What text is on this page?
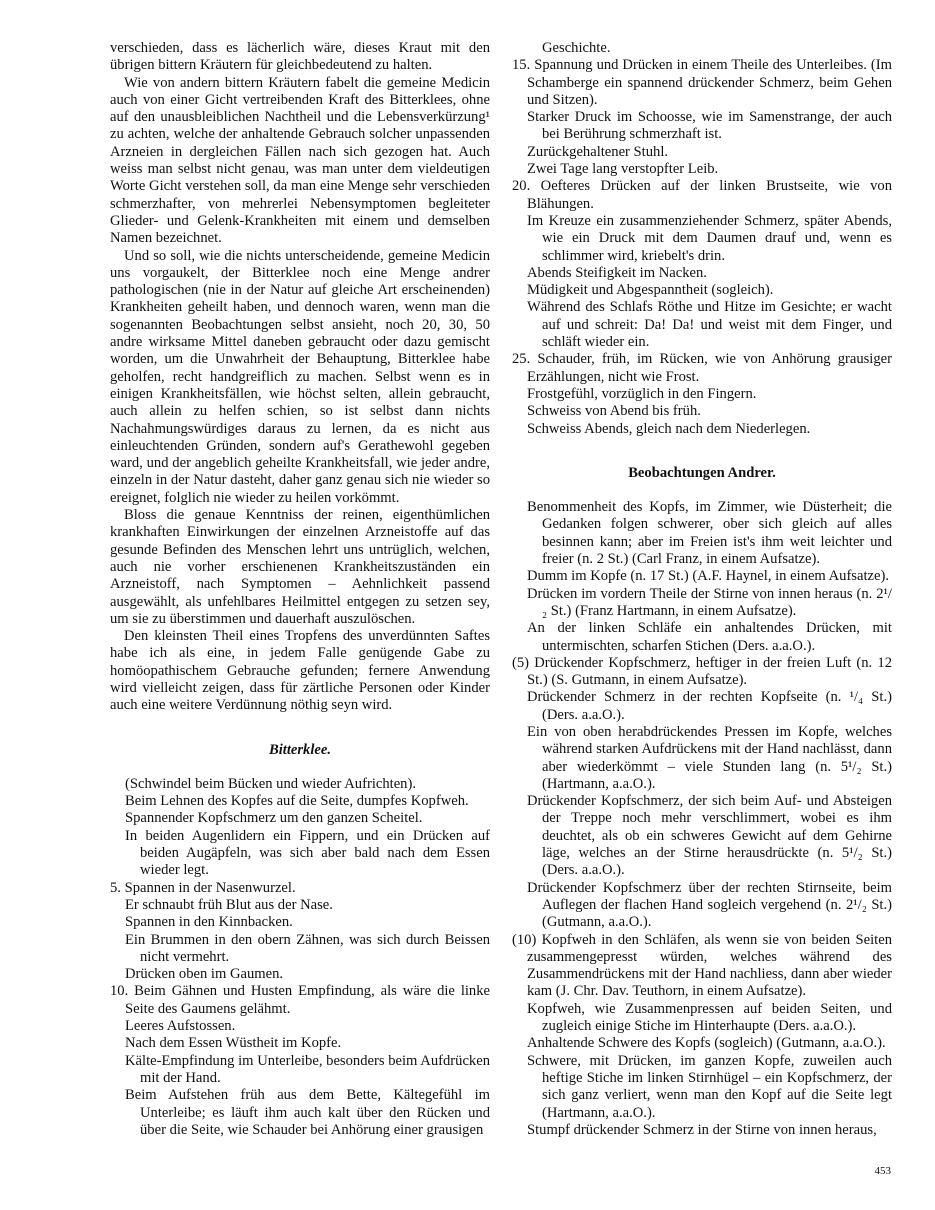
verschieden, dass es lächerlich wäre, dieses Kraut mit den übrigen bittern Kräutern für gleichbedeutend zu halten.

Wie von andern bittern Kräutern fabelt die gemeine Medicin auch von einer Gicht vertreibenden Kraft des Bitterklees, ohne auf den unausbleiblichen Nachtheil und die Lebensverkürzung¹ zu achten, welche der anhaltende Gebrauch solcher unpassenden Arzneien in dergleichen Fällen nach sich gezogen hat. Auch weiss man selbst nicht genau, was man unter dem vieldeutigen Worte Gicht verstehen soll, da man eine Menge sehr verschieden schmerzhafter, von mehrerlei Nebensymptomen begleiteter Glieder- und Gelenk-Krankheiten mit einem und demselben Namen bezeichnet.

Und so soll, wie die nichts unterscheidende, gemeine Medicin uns vorgaukelt, der Bitterklee noch eine Menge andrer pathologischen (nie in der Natur auf gleiche Art erscheinenden) Krankheiten geheilt haben, und dennoch waren, wenn man die sogenannten Beobachtungen selbst ansieht, noch 20, 30, 50 andre wirksame Mittel daneben gebraucht oder dazu gemischt worden, um die Unwahrheit der Behauptung, Bitterklee habe geholfen, recht handgreiflich zu machen. Selbst wenn es in einigen Krankheitsfällen, wie höchst selten, allein gebraucht, auch allein zu helfen schien, so ist selbst dann nichts Nachahmungswürdiges daraus zu lernen, da es nicht aus einleuchtenden Gründen, sondern auf's Gerathewohl gegeben ward, und der angeblich geheilte Krankheitsfall, wie jeder andre, einzeln in der Natur dasteht, daher ganz genau sich nie wieder so ereignet, folglich nie wieder zu heilen vorkömmt.

Bloss die genaue Kenntniss der reinen, eigenthümlichen krankhaften Einwirkungen der einzelnen Arzneistoffe auf das gesunde Befinden des Menschen lehrt uns untrüglich, welchen, auch nie vorher erschienenen Krankheitszuständen ein Arzneistoff, nach Symptomen – Aehnlichkeit passend ausgewählt, als unfehlbares Heilmittel entgegen zu setzen sey, um sie zu überstimmen und dauerhaft auszulöschen.

Den kleinsten Theil eines Tropfens des unverdünnten Saftes habe ich als eine, in jedem Falle genügende Gabe zu homöopathischem Gebrauche gefunden; fernere Anwendung wird vielleicht zeigen, dass für zärtliche Personen oder Kinder auch eine weitere Verdünnung nöthig seyn wird.

Bitterklee.

(Schwindel beim Bücken und wieder Aufrichten).

Beim Lehnen des Kopfes auf die Seite, dumpfes Kopfweh.

Spannender Kopfschmerz um den ganzen Scheitel.

In beiden Augenlidern ein Fippern, und ein Drücken auf beiden Augäpfeln, was sich aber bald nach dem Essen wieder legt.

5. Spannen in der Nasenwurzel.

Er schnaubt früh Blut aus der Nase.

Spannen in den Kinnbacken.

Ein Brummen in den obern Zähnen, was sich durch Beissen nicht vermehrt.

Drücken oben im Gaumen.

10. Beim Gähnen und Husten Empfindung, als wäre die linke Seite des Gaumens gelähmt.

Leeres Aufstossen.

Nach dem Essen Wüstheit im Kopfe.

Kälte-Empfindung im Unterleibe, besonders beim Aufdrücken mit der Hand.

Beim Aufstehen früh aus dem Bette, Kältegefühl im Unterleibe; es läuft ihm auch kalt über den Rücken und über die Seite, wie Schauder bei Anhörung einer grausigen

Geschichte.

15. Spannung und Drücken in einem Theile des Unterleibes. (Im Schamberge ein spannend drückender Schmerz, beim Gehen und Sitzen).

Starker Druck im Schoosse, wie im Samenstrange, der auch bei Berührung schmerzhaft ist.

Zurückgehaltener Stuhl.

Zwei Tage lang verstopfter Leib.

20. Oefteres Drücken auf der linken Brustseite, wie von Blähungen.

Im Kreuze ein zusammenziehender Schmerz, später Abends, wie ein Druck mit dem Daumen drauf und, wenn es schlimmer wird, kriebelt's drin.

Abends Steifigkeit im Nacken.

Müdigkeit und Abgespanntheit (sogleich).

Während des Schlafs Röthe und Hitze im Gesichte; er wacht auf und schreit: Da! Da! und weist mit dem Finger, und schläft wieder ein.

25. Schauder, früh, im Rücken, wie von Anhörung grausiger Erzählungen, nicht wie Frost.

Frostgefühl, vorzüglich in den Fingern.

Schweiss von Abend bis früh.

Schweiss Abends, gleich nach dem Niederlegen.

Beobachtungen Andrer.

Benommenheit des Kopfs, im Zimmer, wie Düsterheit; die Gedanken folgen schwerer, ober sich gleich auf alles besinnen kann; aber im Freien ist's ihm weit leichter und freier (n. 2 St.) (Carl Franz, in einem Aufsatze).

Dumm im Kopfe (n. 17 St.) (A.F. Haynel, in einem Aufsatze).

Drücken im vordern Theile der Stirne von innen heraus (n. 2¹/₂ St.) (Franz Hartmann, in einem Aufsatze).

An der linken Schläfe ein anhaltendes Drücken, mit untermischten, scharfen Stichen (Ders. a.a.O.).

(5) Drückender Kopfschmerz, heftiger in der freien Luft (n. 12 St.) (S. Gutmann, in einem Aufsatze).

Drückender Schmerz in der rechten Kopfseite (n. ¹/₄ St.) (Ders. a.a.O.).

Ein von oben herabdrückendes Pressen im Kopfe, welches während starken Aufdrückens mit der Hand nachlässt, dann aber wiederkömmt – viele Stunden lang (n. 5¹/₂ St.) (Hartmann, a.a.O.).

Drückender Kopfschmerz, der sich beim Auf- und Absteigen der Treppe noch mehr verschlimmert, wobei es ihm deuchtet, als ob ein schweres Gewicht auf dem Gehirne läge, welches an der Stirne herausdrückte (n. 5¹/₂ St.) (Ders. a.a.O.).

Drückender Kopfschmerz über der rechten Stirnseite, beim Auflegen der flachen Hand sogleich vergehend (n. 2¹/₂ St.) (Gutmann, a.a.O.).

(10) Kopfweh in den Schläfen, als wenn sie von beiden Seiten zusammengepresst würden, welches während des Zusammendrückens mit der Hand nachliess, dann aber wieder kam (J. Chr. Dav. Teuthorn, in einem Aufsatze).

Kopfweh, wie Zusammenpressen auf beiden Seiten, und zugleich einige Stiche im Hinterhaupte (Ders. a.a.O.).

Anhaltende Schwere des Kopfs (sogleich) (Gutmann, a.a.O.).

Schwere, mit Drücken, im ganzen Kopfe, zuweilen auch heftige Stiche im linken Stirnhügel – ein Kopfschmerz, der sich ganz verliert, wenn man den Kopf auf die Seite legt (Hartmann, a.a.O.).

Stumpf drückender Schmerz in der Stirne von innen heraus,

453
